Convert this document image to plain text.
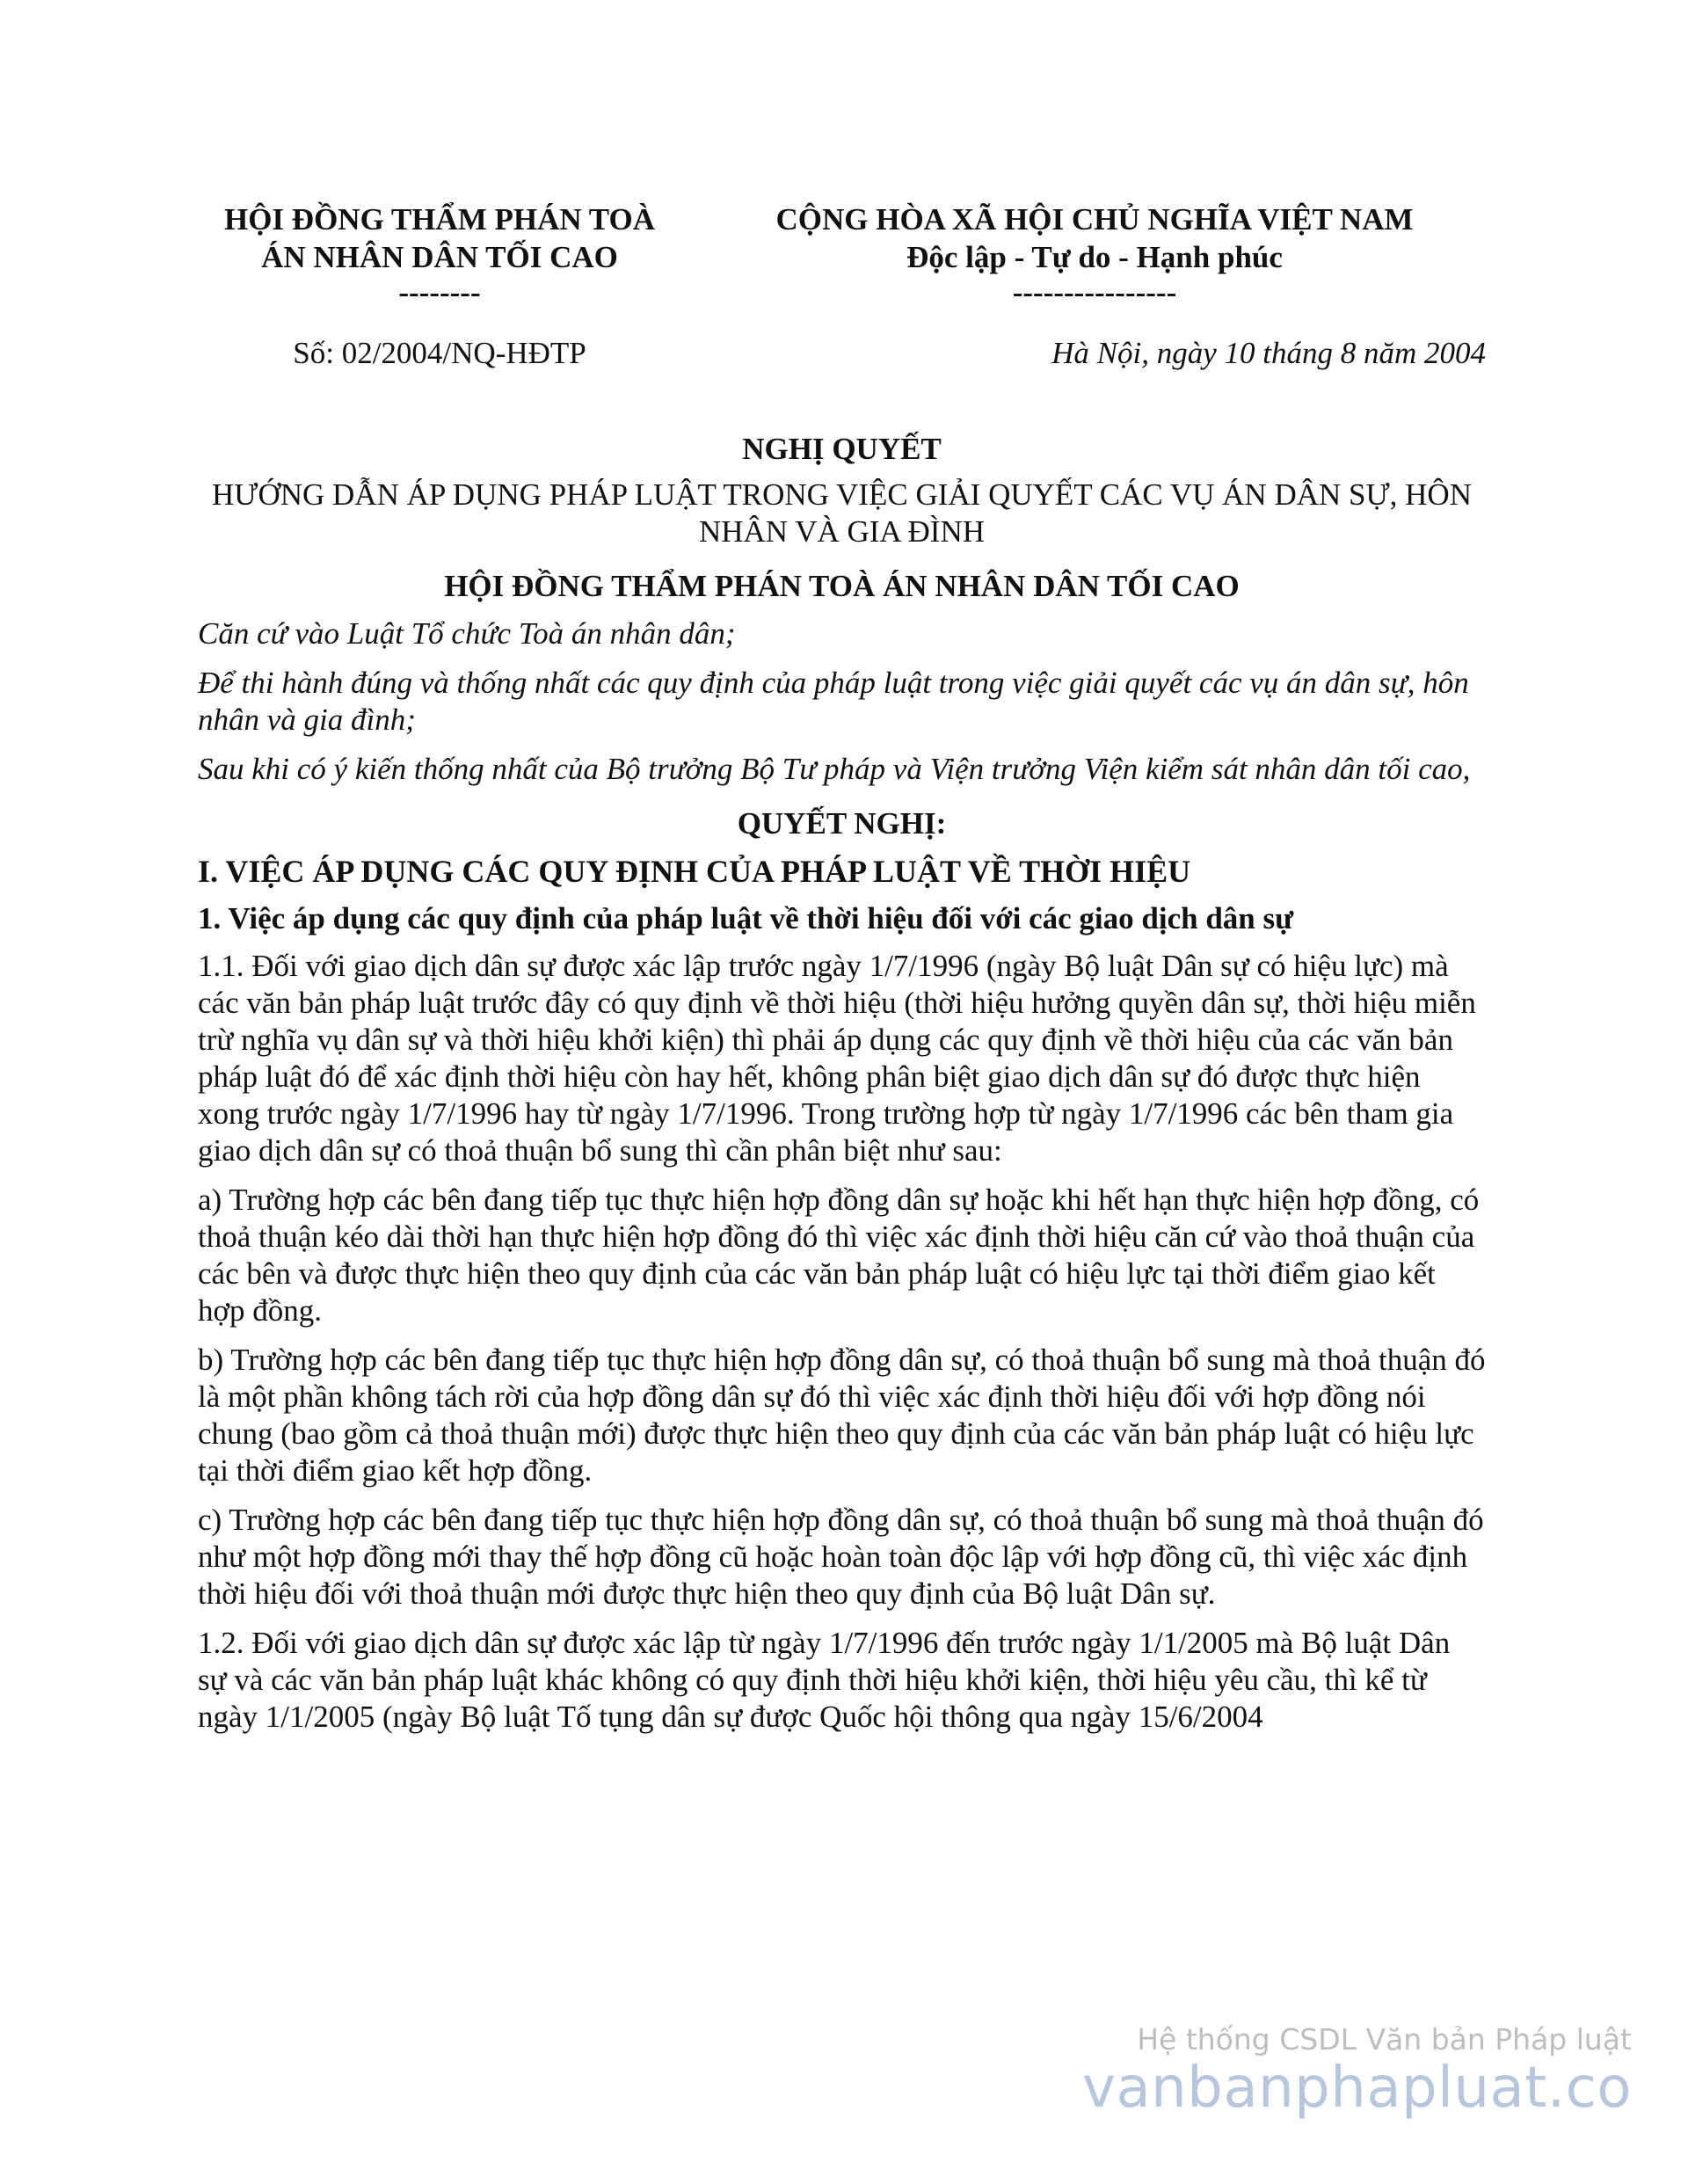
HỘI ĐỒNG THẨM PHÁN TOÀ
ÁN NHÂN DÂN TỐI CAO
--------
CỘNG HÒA XÃ HỘI CHỦ NGHĨA VIỆT NAM
Độc lập - Tự do - Hạnh phúc
----------------
Số: 02/2004/NQ-HĐTP	Hà Nội, ngày 10 tháng 8 năm 2004

NGHỊ QUYẾT

HƯỚNG DẪN ÁP DỤNG PHÁP LUẬT TRONG VIỆC GIẢI QUYẾT CÁC VỤ ÁN DÂN SỰ, HÔN NHÂN VÀ GIA ĐÌNH

HỘI ĐỒNG THẨM PHÁN TOÀ ÁN NHÂN DÂN TỐI CAO

Căn cứ vào Luật Tổ chức Toà án nhân dân;

Để thi hành đúng và thống nhất các quy định của pháp luật trong việc giải quyết các vụ án dân sự, hôn nhân và gia đình;

Sau khi có ý kiến thống nhất của Bộ trưởng Bộ Tư pháp và Viện trưởng Viện kiểm sát nhân dân tối cao,

QUYẾT NGHỊ:

I. VIỆC ÁP DỤNG CÁC QUY ĐỊNH CỦA PHÁP LUẬT VỀ THỜI HIỆU

1. Việc áp dụng các quy định của pháp luật về thời hiệu đối với các giao dịch dân sự

1.1. Đối với giao dịch dân sự được xác lập trước ngày 1/7/1996 (ngày Bộ luật Dân sự có hiệu lực) mà các văn bản pháp luật trước đây có quy định về thời hiệu (thời hiệu hưởng quyền dân sự, thời hiệu miễn trừ nghĩa vụ dân sự và thời hiệu khởi kiện) thì phải áp dụng các quy định về thời hiệu của các văn bản pháp luật đó để xác định thời hiệu còn hay hết, không phân biệt giao dịch dân sự đó được thực hiện xong trước ngày 1/7/1996 hay từ ngày 1/7/1996. Trong trường hợp từ ngày 1/7/1996 các bên tham gia giao dịch dân sự có thoả thuận bổ sung thì cần phân biệt như sau:

a) Trường hợp các bên đang tiếp tục thực hiện hợp đồng dân sự hoặc khi hết hạn thực hiện hợp đồng, có thoả thuận kéo dài thời hạn thực hiện hợp đồng đó thì việc xác định thời hiệu căn cứ vào thoả thuận của các bên và được thực hiện theo quy định của các văn bản pháp luật có hiệu lực tại thời điểm giao kết hợp đồng.

b) Trường hợp các bên đang tiếp tục thực hiện hợp đồng dân sự, có thoả thuận bổ sung mà thoả thuận đó là một phần không tách rời của hợp đồng dân sự đó thì việc xác định thời hiệu đối với hợp đồng nói chung (bao gồm cả thoả thuận mới) được thực hiện theo quy định của các văn bản pháp luật có hiệu lực tại thời điểm giao kết hợp đồng.

c) Trường hợp các bên đang tiếp tục thực hiện hợp đồng dân sự, có thoả thuận bổ sung mà thoả thuận đó như một hợp đồng mới thay thế hợp đồng cũ hoặc hoàn toàn độc lập với hợp đồng cũ, thì việc xác định thời hiệu đối với thoả thuận mới được thực hiện theo quy định của Bộ luật Dân sự.

1.2. Đối với giao dịch dân sự được xác lập từ ngày 1/7/1996 đến trước ngày 1/1/2005 mà Bộ luật Dân sự và các văn bản pháp luật khác không có quy định thời hiệu khởi kiện, thời hiệu yêu cầu, thì kể từ ngày 1/1/2005 (ngày Bộ luật Tố tụng dân sự được Quốc hội thông qua ngày 15/6/2004

Hệ thống CSDL Văn bản Pháp luật
vanbanphapluat.co
